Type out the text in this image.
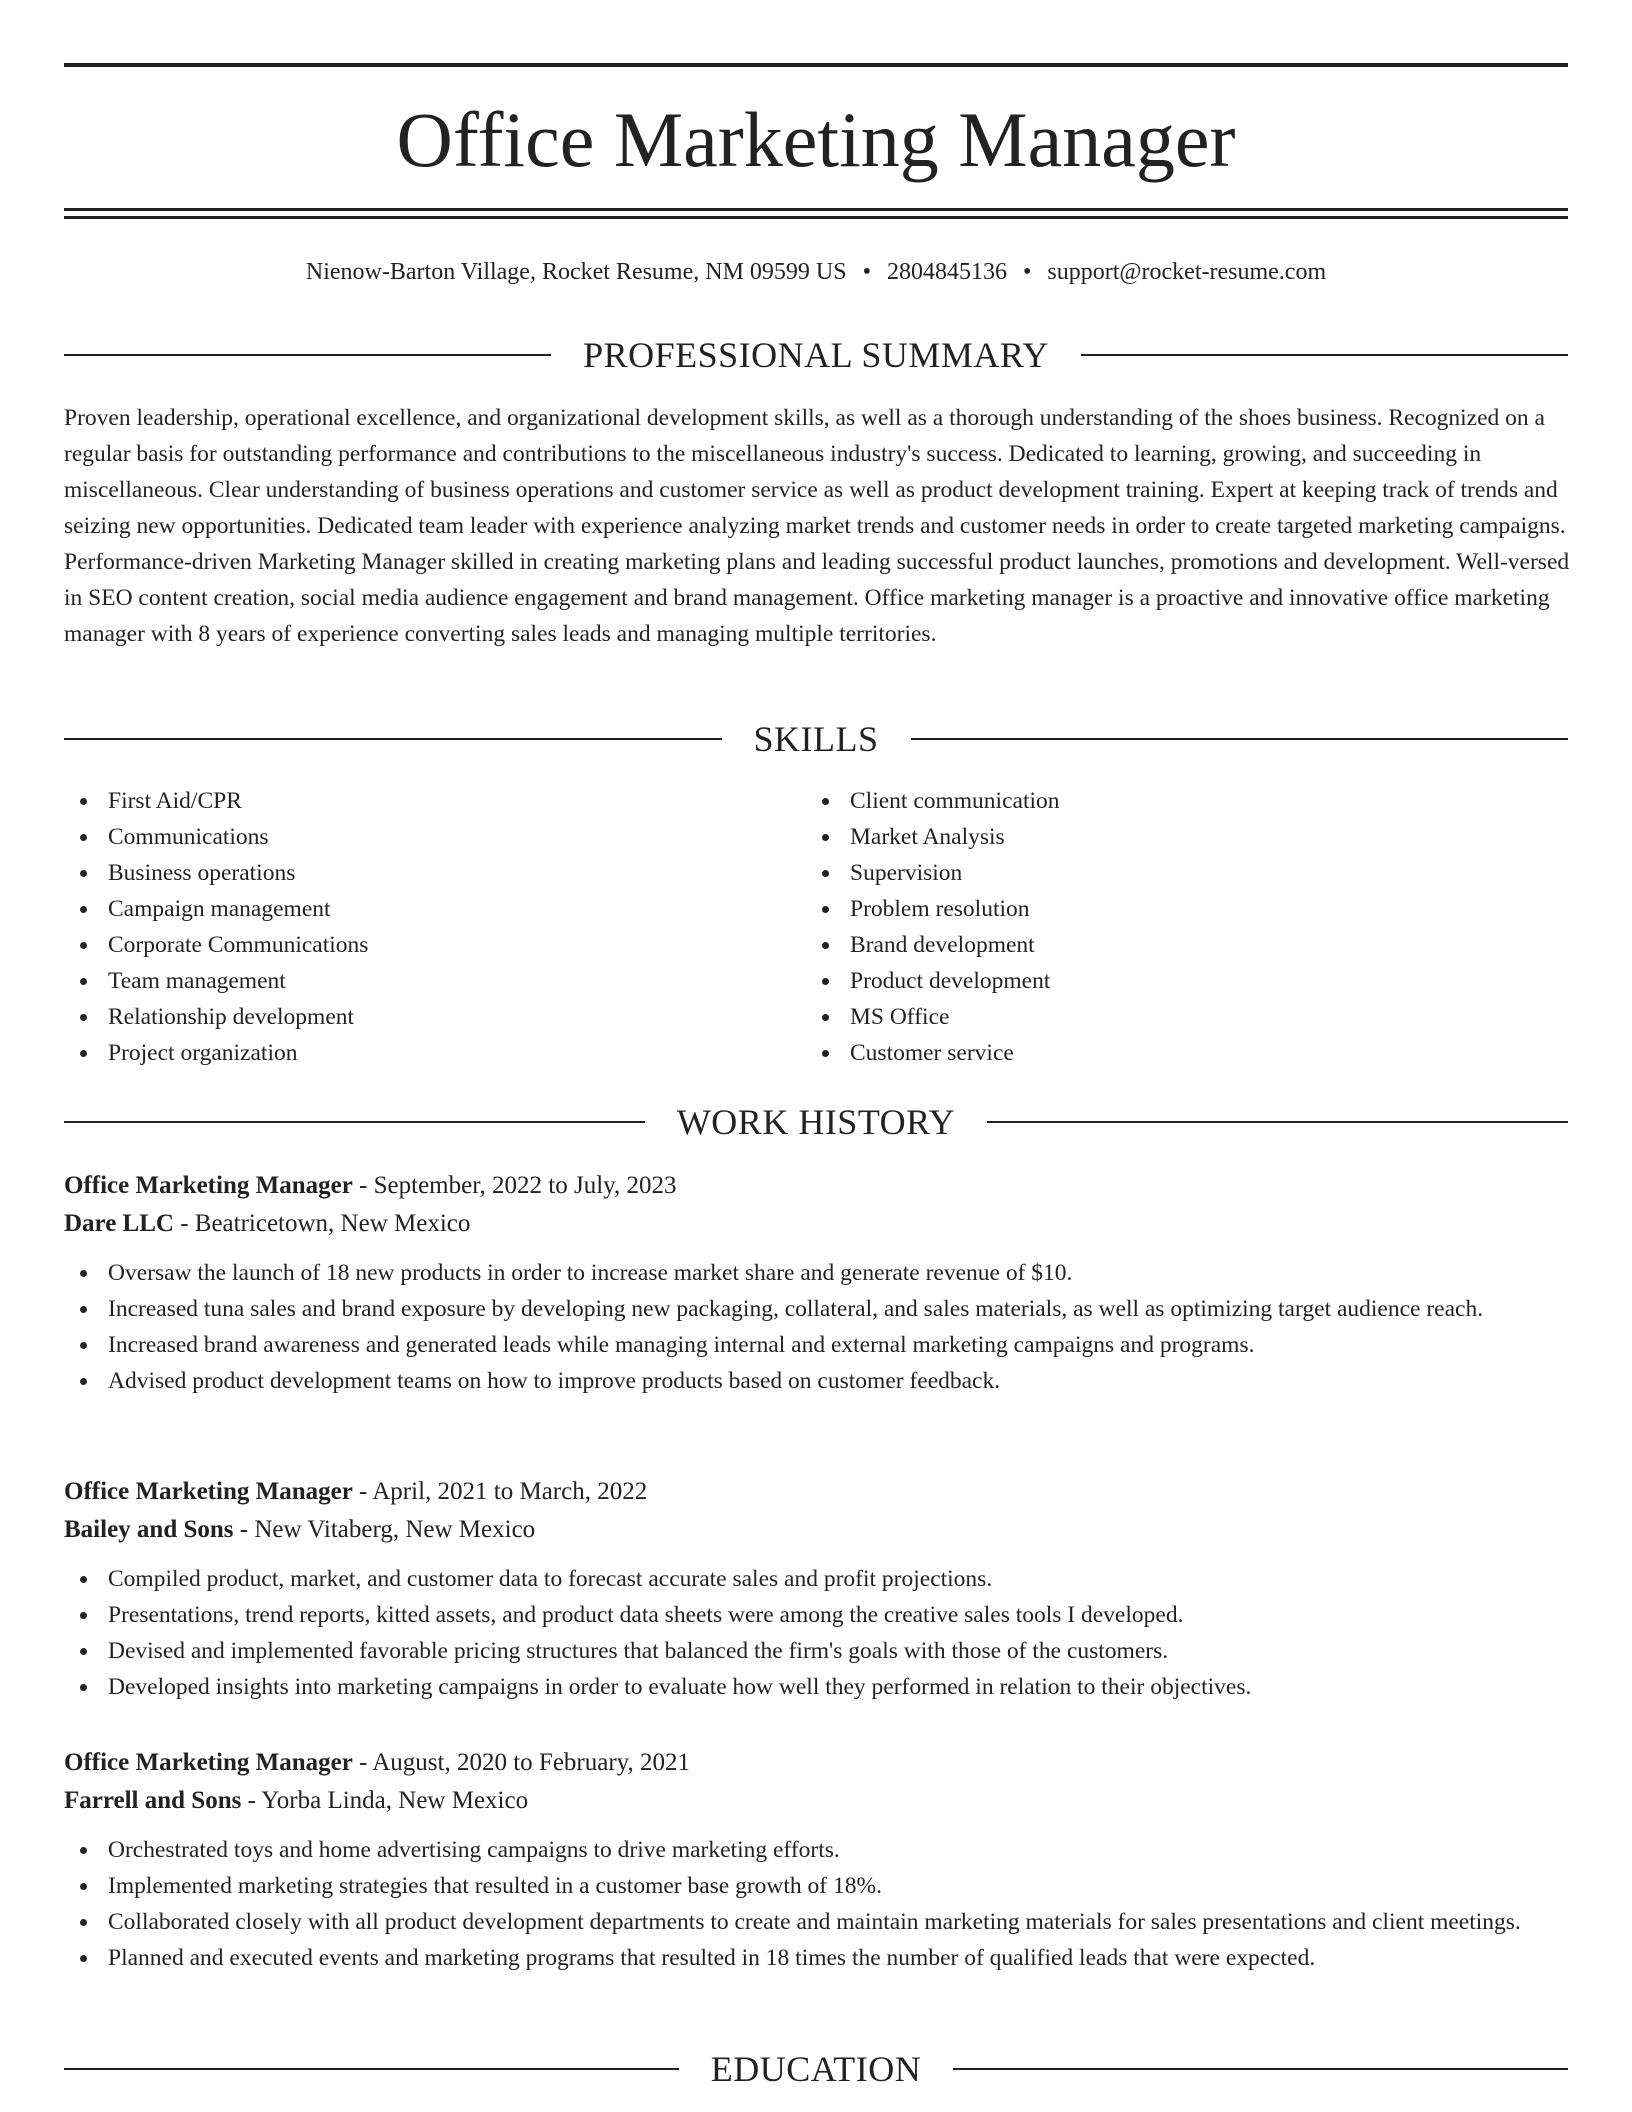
Office Marketing Manager
Nienow-Barton Village, Rocket Resume, NM 09599 US • 2804845136 • support@rocket-resume.com
PROFESSIONAL SUMMARY

Proven leadership, operational excellence, and organizational development skills, as well as a thorough understanding of the shoes business. Recognized on a regular basis for outstanding performance and contributions to the miscellaneous industry's success. Dedicated to learning, growing, and succeeding in miscellaneous. Clear understanding of business operations and customer service as well as product development training. Expert at keeping track of trends and seizing new opportunities. Dedicated team leader with experience analyzing market trends and customer needs in order to create targeted marketing campaigns. Performance-driven Marketing Manager skilled in creating marketing plans and leading successful product launches, promotions and development. Well-versed in SEO content creation, social media audience engagement and brand management. Office marketing manager is a proactive and innovative office marketing manager with 8 years of experience converting sales leads and managing multiple territories.

SKILLS
First Aid/CPR
Communications
Business operations
Campaign management
Corporate Communications
Team management
Relationship development
Project organization
Client communication
Market Analysis
Supervision
Problem resolution
Brand development
Product development
MS Office
Customer service
WORK HISTORY
Office Marketing Manager - September, 2022 to July, 2023
Dare LLC - Beatricetown, New Mexico
Oversaw the launch of 18 new products in order to increase market share and generate revenue of $10.
Increased tuna sales and brand exposure by developing new packaging, collateral, and sales materials, as well as optimizing target audience reach.
Increased brand awareness and generated leads while managing internal and external marketing campaigns and programs.
Advised product development teams on how to improve products based on customer feedback.
Office Marketing Manager - April, 2021 to March, 2022
Bailey and Sons - New Vitaberg, New Mexico
Compiled product, market, and customer data to forecast accurate sales and profit projections.
Presentations, trend reports, kitted assets, and product data sheets were among the creative sales tools I developed.
Devised and implemented favorable pricing structures that balanced the firm's goals with those of the customers.
Developed insights into marketing campaigns in order to evaluate how well they performed in relation to their objectives.
Office Marketing Manager - August, 2020 to February, 2021
Farrell and Sons - Yorba Linda, New Mexico
Orchestrated toys and home advertising campaigns to drive marketing efforts.
Implemented marketing strategies that resulted in a customer base growth of 18%.
Collaborated closely with all product development departments to create and maintain marketing materials for sales presentations and client meetings.
Planned and executed events and marketing programs that resulted in 18 times the number of qualified leads that were expected.
EDUCATION
